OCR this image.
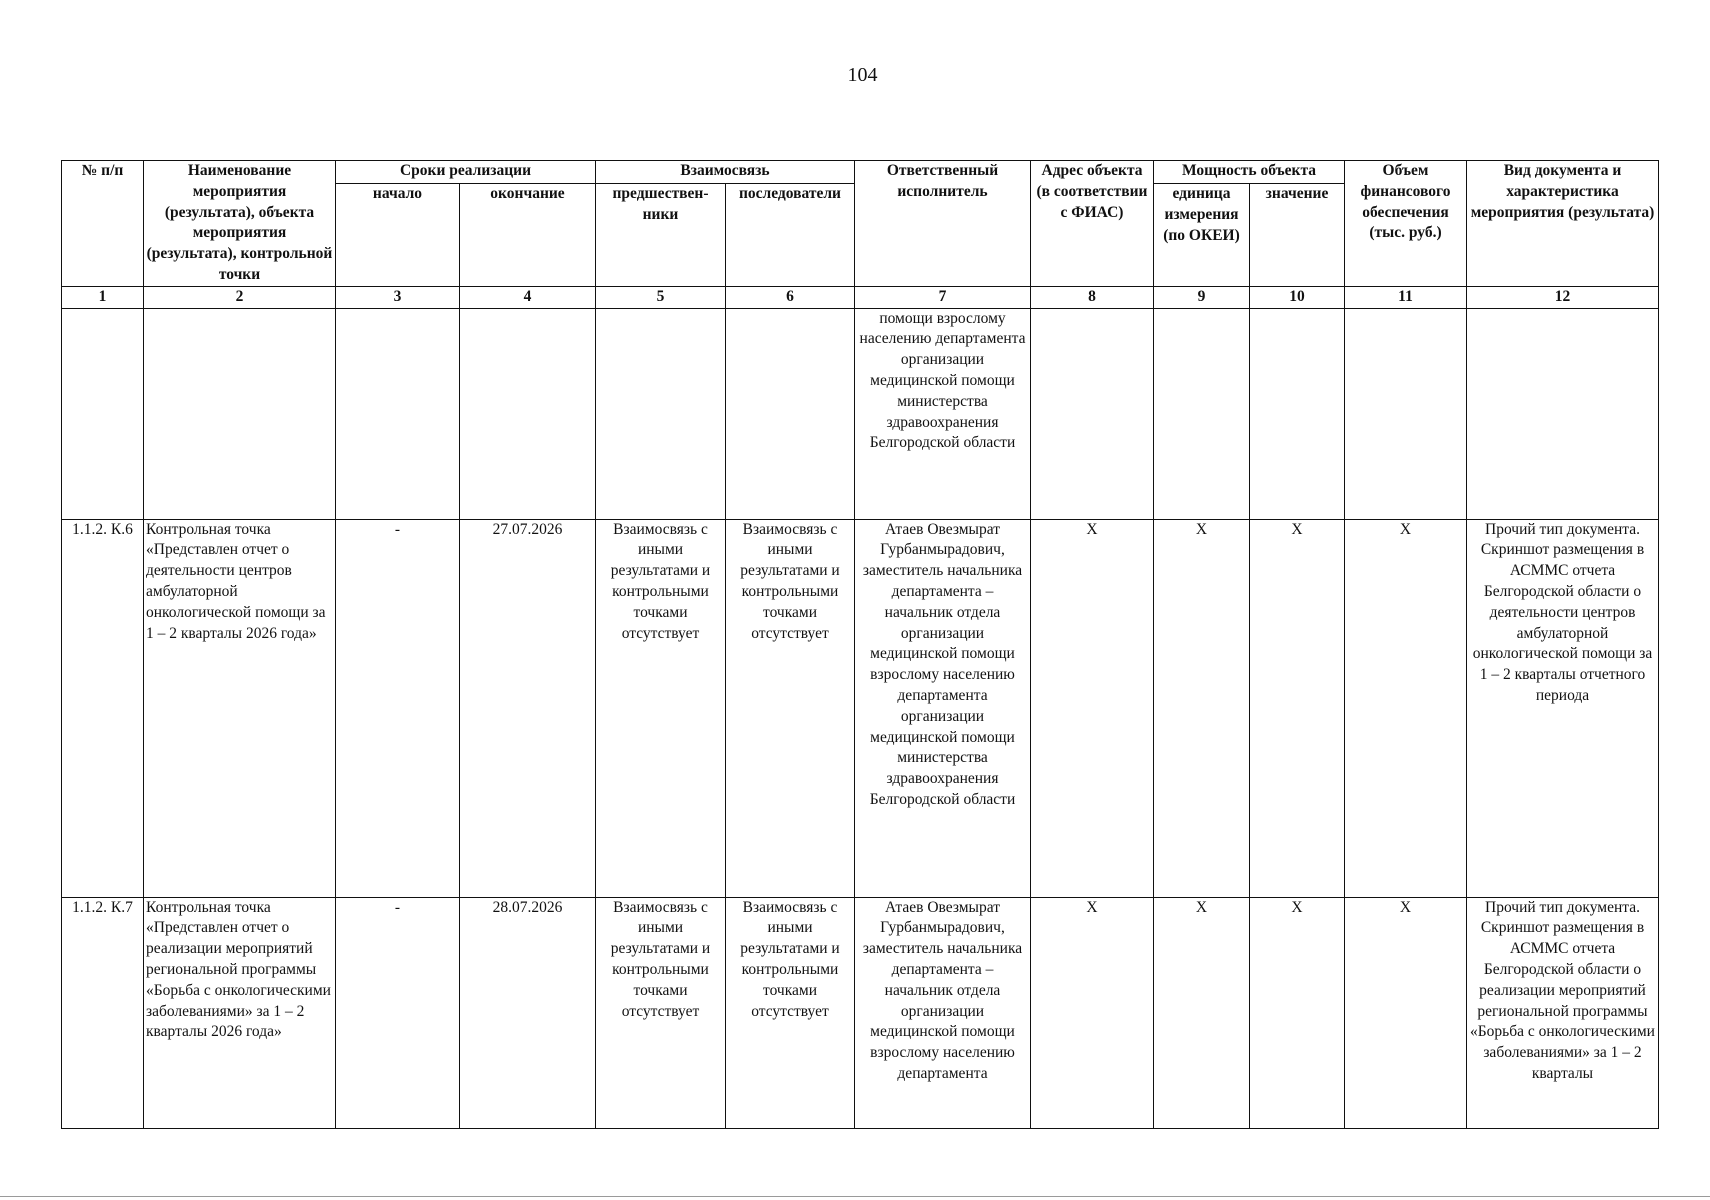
104
№ п/п	Наименование мероприятия (результата), объекта мероприятия (результата), контрольной точки	Сроки реализации		Взаимосвязь		Ответственный исполнитель	Адрес объекта (в соответствии с ФИАС)	Мощность объекта		Объем финансового обеспечения (тыс. руб.)	Вид документа и характеристика мероприятия (результата)
		начало	окончание	предшествен-ники	последователи			единица измерения (по ОКЕИ)	значение		
1	2	3	4	5	6	7	8	9	10	11	12
						помощи взрослому населению департамента организации медицинской помощи министерства здравоохранения Белгородской области					
1.1.2. К.6	Контрольная точка «Представлен отчет о деятельности центров амбулаторной онкологической помощи за 1 – 2 кварталы 2026 года»	-	27.07.2026	Взаимосвязь с иными результатами и контрольными точками отсутствует	Взаимосвязь с иными результатами и контрольными точками отсутствует	Атаев Овезмырат Гурбанмырадович, заместитель начальника департамента – начальник отдела организации медицинской помощи взрослому населению департамента организации медицинской помощи министерства здравоохранения Белгородской области	Х	Х	Х	Х	Прочий тип документа. Скриншот размещения в АСММС отчета Белгородской области о деятельности центров амбулаторной онкологической помощи за 1 – 2 кварталы отчетного периода
1.1.2. К.7	Контрольная точка «Представлен отчет о реализации мероприятий региональной программы «Борьба с онкологическими заболеваниями» за 1 – 2 кварталы 2026 года»	-	28.07.2026	Взаимосвязь с иными результатами и контрольными точками отсутствует	Взаимосвязь с иными результатами и контрольными точками отсутствует	Атаев Овезмырат Гурбанмырадович, заместитель начальника департамента – начальник отдела организации медицинской помощи взрослому населению департамента	Х	Х	Х	Х	Прочий тип документа. Скриншот размещения в АСММС отчета Белгородской области о реализации мероприятий региональной программы «Борьба с онкологическими заболеваниями» за 1 – 2 кварталы
